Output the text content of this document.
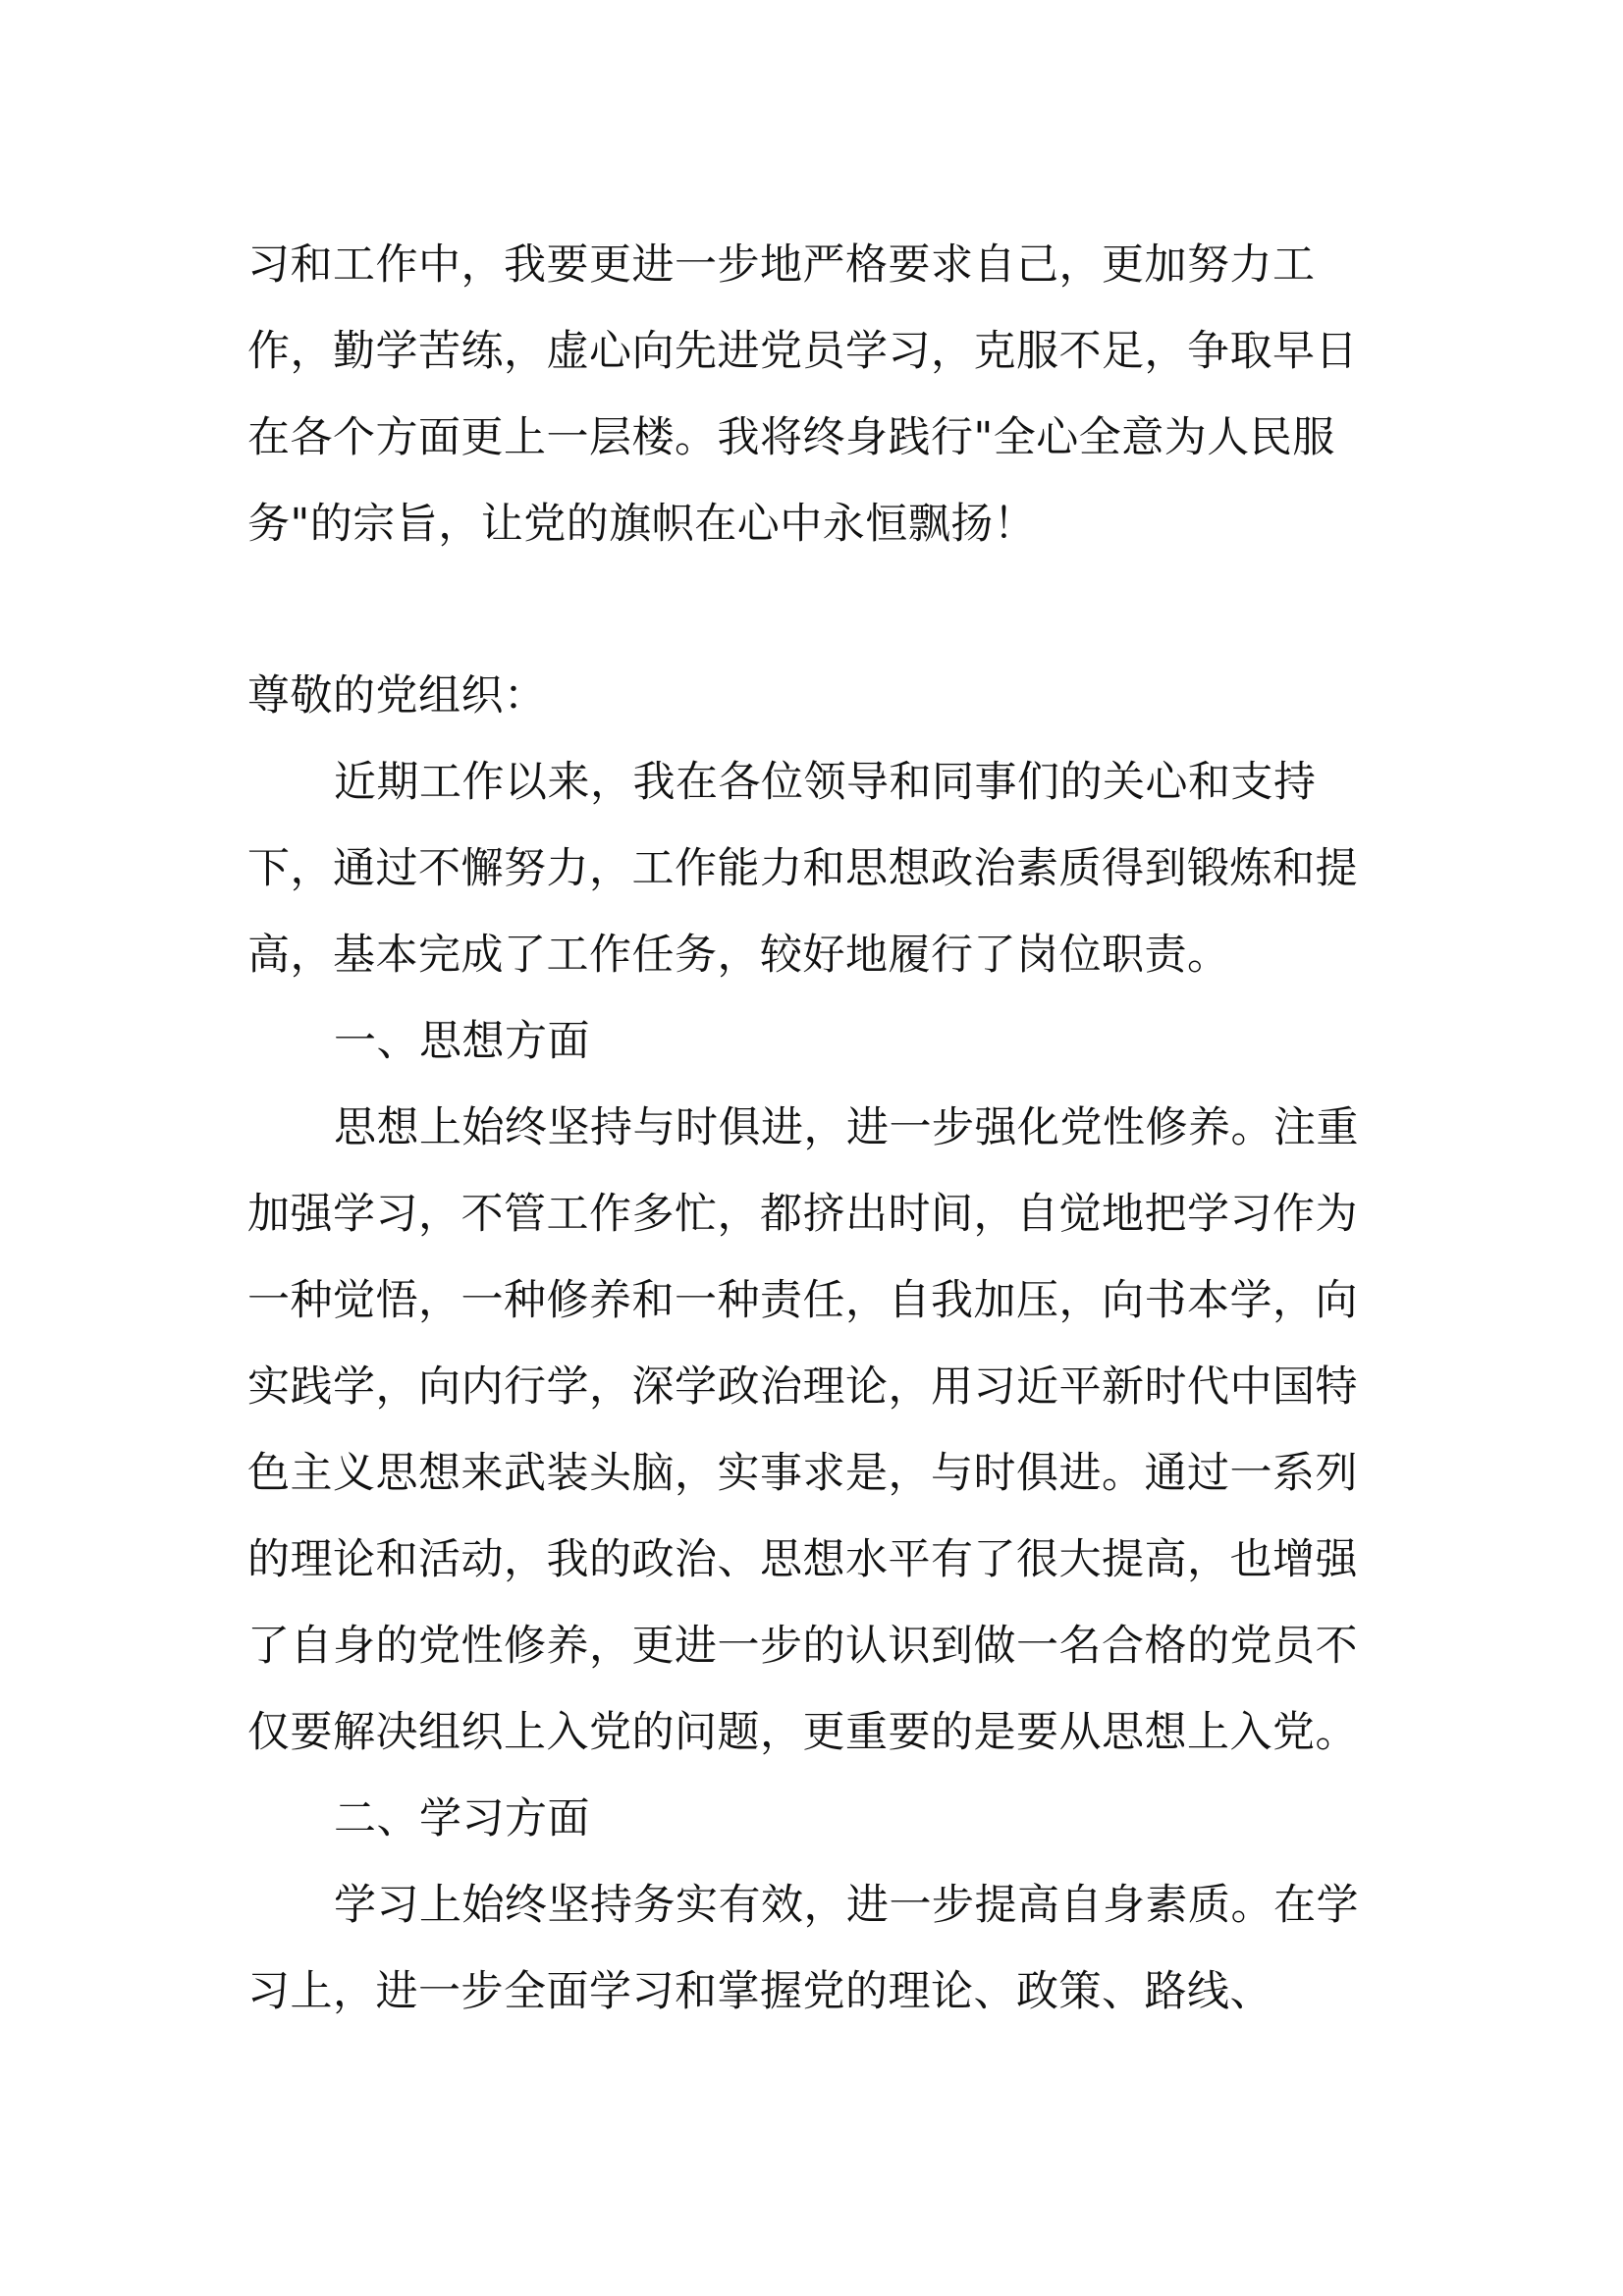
习和工作中，我要更进一步地严格要求自己，更加努力工作，勤学苦练，虚心向先进党员学习，克服不足，争取早日在各个方面更上一层楼。我将终身践行"全心全意为人民服务"的宗旨，让党的旗帜在心中永恒飘扬！

尊敬的党组织：

近期工作以来，我在各位领导和同事们的关心和支持下，通过不懈努力，工作能力和思想政治素质得到锻炼和提高，基本完成了工作任务，较好地履行了岗位职责。

一、思想方面

思想上始终坚持与时俱进，进一步强化党性修养。注重加强学习，不管工作多忙，都挤出时间，自觉地把学习作为一种觉悟，一种修养和一种责任，自我加压，向书本学，向实践学，向内行学，深学政治理论，用习近平新时代中国特色主义思想来武装头脑，实事求是，与时俱进。通过一系列的理论和活动，我的政治、思想水平有了很大提高，也增强了自身的党性修养，更进一步的认识到做一名合格的党员不仅要解决组织上入党的问题，更重要的是要从思想上入党。

二、学习方面

学习上始终坚持务实有效，进一步提高自身素质。在学习上，进一步全面学习和掌握党的理论、政策、路线、
